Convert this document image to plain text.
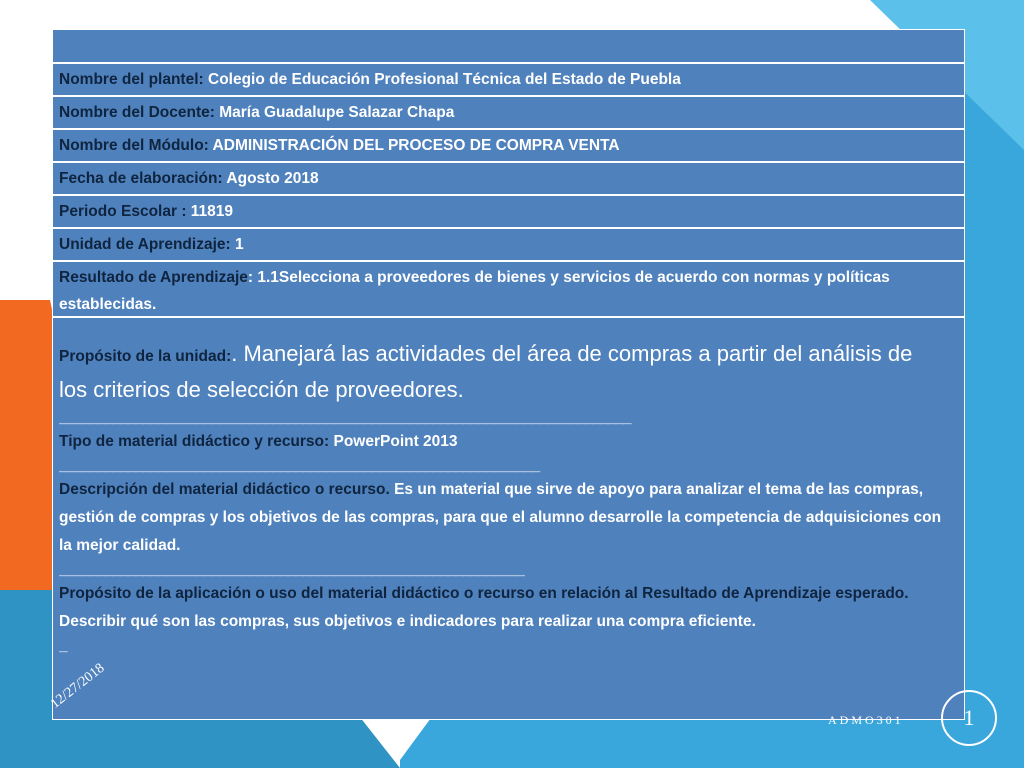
Nombre del plantel: Colegio de Educación Profesional Técnica del Estado de Puebla
Nombre del Docente: María Guadalupe Salazar Chapa
Nombre del Módulo: ADMINISTRACIÓN DEL PROCESO DE COMPRA VENTA
Fecha de elaboración: Agosto 2018
Periodo Escolar : 11819
Unidad de Aprendizaje: 1
Resultado de Aprendizaje: 1.1Selecciona a proveedores de bienes y servicios de acuerdo con normas y políticas establecidas.
Propósito de la unidad:. Manejará las actividades del área de compras a partir del análisis de los criterios de selección de proveedores.
___________________________________________________________________________
Tipo de material didáctico y recurso: PowerPoint 2013
_______________________________________________________________
Descripción del material didáctico o recurso. Es un material que sirve de apoyo para analizar el tema de las compras, gestión de compras y los objetivos de las compras, para que el alumno desarrolle la competencia de adquisiciones con la mejor calidad.
_____________________________________________________________
Propósito de la aplicación o uso del material didáctico o recurso en relación al Resultado de Aprendizaje esperado. Describir qué son las compras, sus objetivos e indicadores para realizar una compra eficiente.
_
12/27/2018
ADMO301	1
